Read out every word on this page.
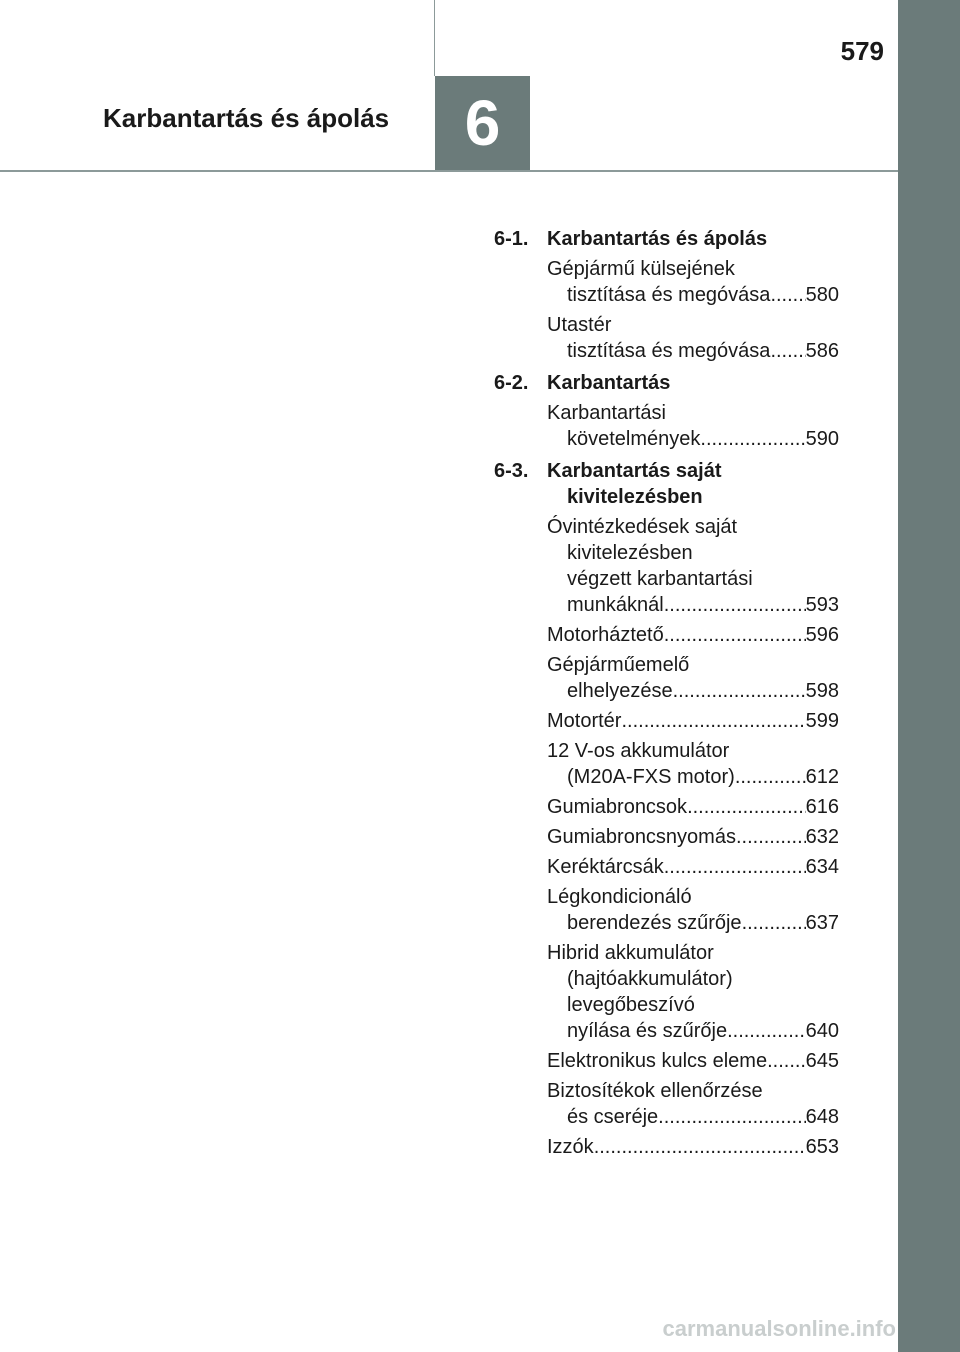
6
579
Karbantartás és ápolás
6-1. Karbantartás és ápolás
Gépjármű külsejének
tisztítása és megóvása ..... 580
Utastér
tisztítása és megóvása ..... 586
6-2. Karbantartás
Karbantartási
követelmények .....	590
6-3. Karbantartás saját
kivitelezésben
Óvintézkedések saját
kivitelezésben
végzett karbantartási
munkáknál .....	593
Motorháztető .....	596
Gépjárműemelő
elhelyezése .....	598
Motortér .....	599
12 V-os akkumulátor
(M20A-FXS motor) .....	612
Gumiabroncsok .....	616
Gumiabroncsnyomás .....	632
Keréktárcsák .....	634
Légkondicionáló
berendezés szűrője .....	637
Hibrid akkumulátor
(hajtóakkumulátor)
levegőbeszívó
nyílása és szűrője .....	640
Elektronikus kulcs eleme ..... 645
Biztosítékok ellenőrzése
és cseréje .....	648
Izzók .....	653
carmanualsonline.info
